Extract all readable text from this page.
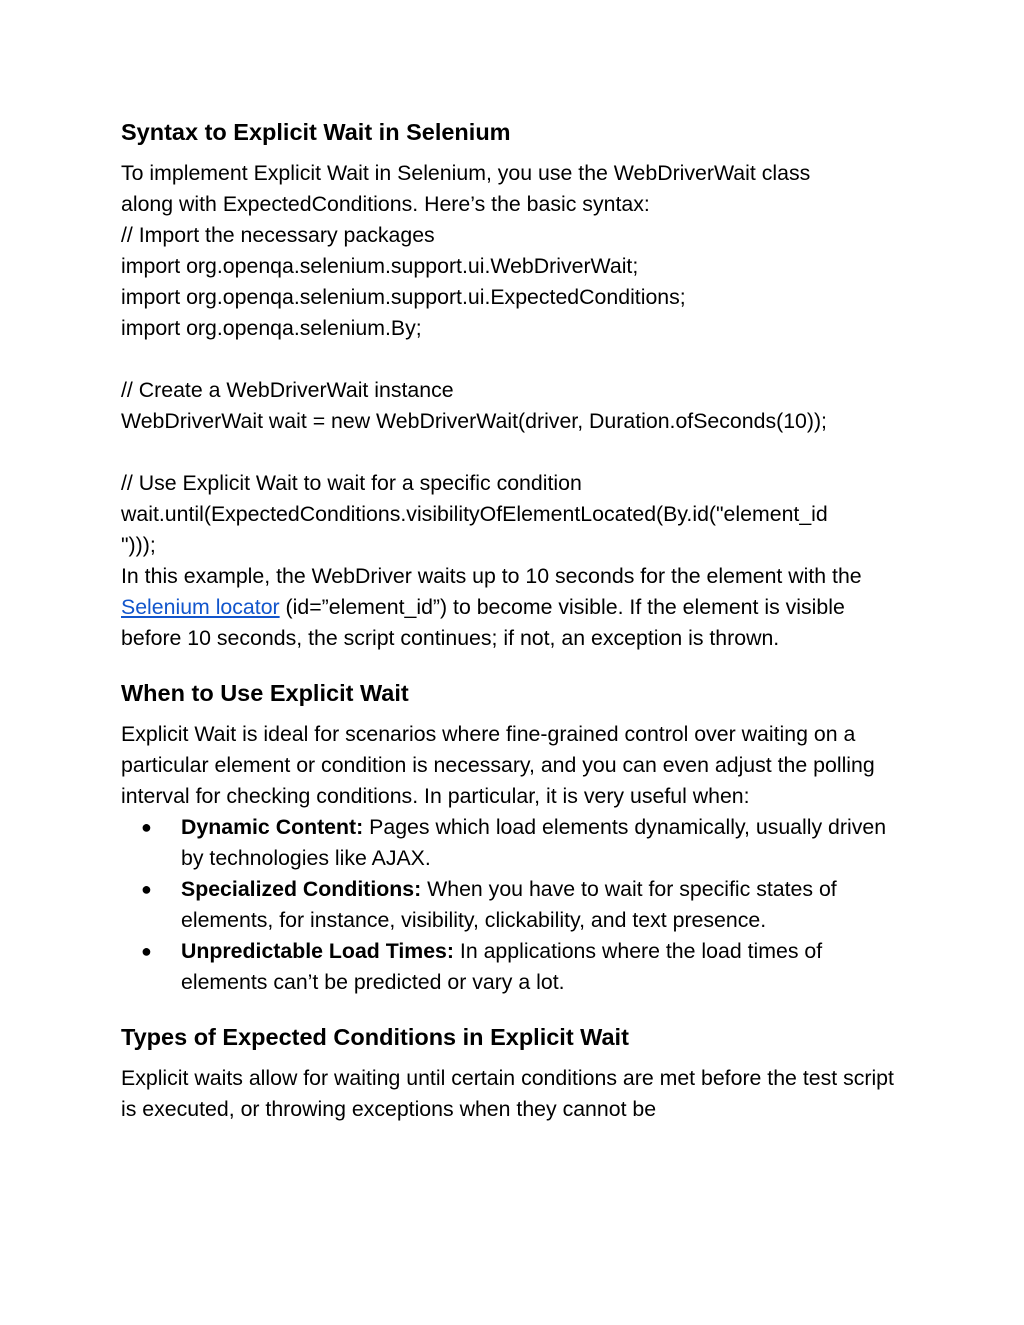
Syntax to Explicit Wait in Selenium

To implement Explicit Wait in Selenium, you use the WebDriverWait class

along with ExpectedConditions. Here’s the basic syntax:

// Import the necessary packages
import org.openqa.selenium.support.ui.WebDriverWait;
import org.openqa.selenium.support.ui.ExpectedConditions;
import org.openqa.selenium.By;
// Create a WebDriverWait instance
WebDriverWait wait = new WebDriverWait(driver, Duration.ofSeconds(10));
// Use Explicit Wait to wait for a specific condition
wait.until(ExpectedConditions.visibilityOfElementLocated(By.id("element_id
")));

In this example, the WebDriver waits up to 10 seconds for the element with the Selenium locator (id=”element_id”) to become visible. If the element is visible before 10 seconds, the script continues; if not, an exception is thrown.

When to Use Explicit Wait

Explicit Wait is ideal for scenarios where fine-grained control over waiting on a particular element or condition is necessary, and you can even adjust the polling interval for checking conditions. In particular, it is very useful when:

● Dynamic Content: Pages which load elements dynamically, usually driven by technologies like AJAX.
● Specialized Conditions: When you have to wait for specific states of elements, for instance, visibility, clickability, and text presence.
● Unpredictable Load Times: In applications where the load times of elements can’t be predicted or vary a lot.
Types of Expected Conditions in Explicit Wait

Explicit waits allow for waiting until certain conditions are met before the test script is executed, or throwing exceptions when they cannot be
